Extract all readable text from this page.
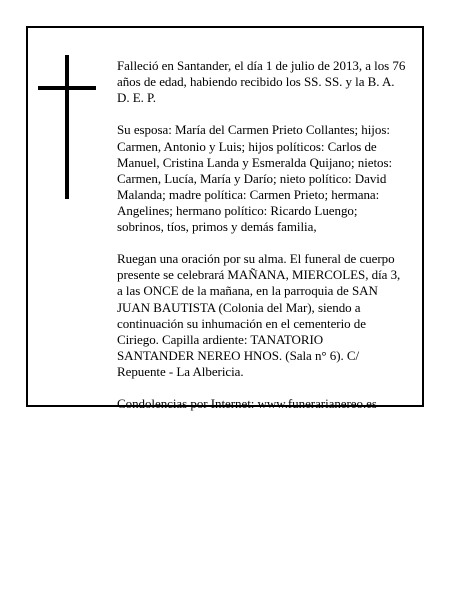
Falleció en Santander, el día 1 de julio de 2013, a los 76
años de edad, habiendo recibido los SS. SS. y la B. A.
D. E. P.

Su esposa: María del Carmen Prieto Collantes; hijos:
Carmen, Antonio y Luis; hijos políticos: Carlos de
Manuel, Cristina Landa y Esmeralda Quijano; nietos:
Carmen, Lucía, María y Darío; nieto político: David
Malanda; madre política: Carmen Prieto; hermana:
Angelines; hermano político: Ricardo Luengo;
sobrinos, tíos, primos y demás familia,

Ruegan una oración por su alma. El funeral de cuerpo
presente se celebrará MAÑANA, MIERCOLES, día 3,
a las ONCE de la mañana, en la parroquia de SAN
JUAN BAUTISTA (Colonia del Mar), siendo a
continuación su inhumación en el cementerio de
Ciriego. Capilla ardiente: TANATORIO
SANTANDER NEREO HNOS. (Sala n° 6). C/
Repuente - La Albericia.

Condolencias por Internet: www.funerarianereo.es
